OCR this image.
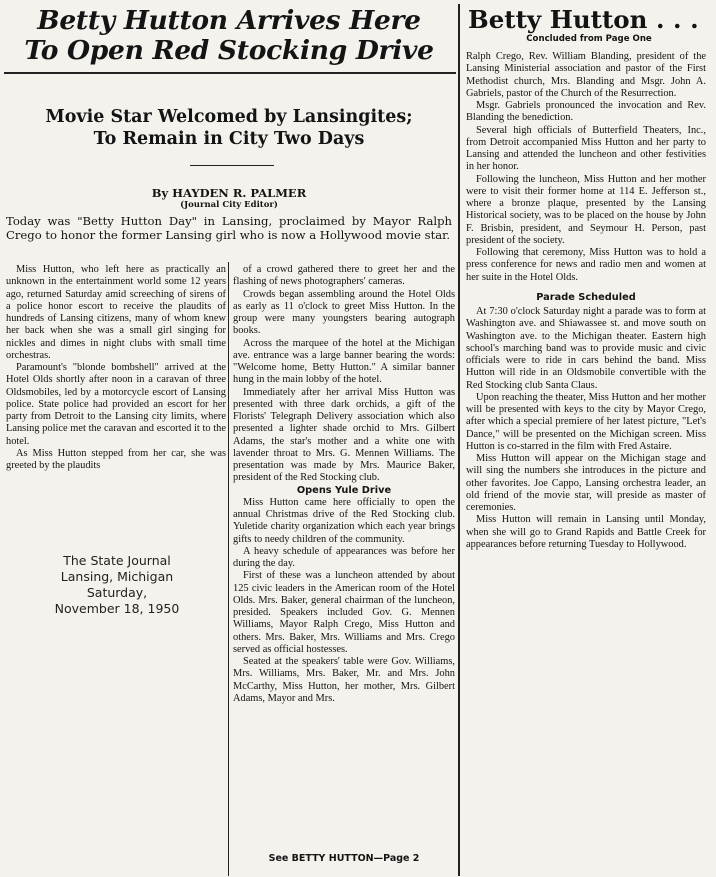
Betty Hutton Arrives Here

To Open Red Stocking Drive

Movie Star Welcomed by Lansingites;

To Remain in City Two Days

By HAYDEN R. PALMER

(Journal City Editor)

Today was "Betty Hutton Day" in Lansing, proclaimed by Mayor Ralph Crego to honor the former Lansing girl who is now a Hollywood movie star.

Miss Hutton, who left here as practically an unknown in the entertainment world some 12 years ago, returned Saturday amid screeching of sirens of a police honor escort to receive the plaudits of hundreds of Lansing citizens, many of whom knew her back when she was a small girl singing for nickles and dimes in night clubs with small time orchestras.

Paramount's "blonde bombshell" arrived at the Hotel Olds shortly after noon in a caravan of three Oldsmobiles, led by a motorcycle escort of Lansing police. State police had provided an escort for her party from Detroit to the Lansing city limits, where Lansing police met the caravan and escorted it to the hotel.

As Miss Hutton stepped from her car, she was greeted by the plaudits

The State Journal
Lansing, Michigan
Saturday,
November 18, 1950

of a crowd gathered there to greet her and the flashing of news photographers' cameras.

Crowds began assembling around the Hotel Olds as early as 11 o'clock to greet Miss Hutton. In the group were many youngsters bearing autograph books.

Across the marquee of the hotel at the Michigan ave. entrance was a large banner bearing the words: "Welcome home, Betty Hutton." A similar banner hung in the main lobby of the hotel.

Immediately after her arrival Miss Hutton was presented with three dark orchids, a gift of the Florists' Telegraph Delivery association which also presented a lighter shade orchid to Mrs. Gilbert Adams, the star's mother and a white one with lavender throat to Mrs. G. Mennen Williams. The presentation was made by Mrs. Maurice Baker, president of the Red Stocking club.

Opens Yule Drive

Miss Hutton came here officially to open the annual Christmas drive of the Red Stocking club. Yuletide charity organization which each year brings gifts to needy children of the community.

A heavy schedule of appearances was before her during the day.

First of these was a luncheon attended by about 125 civic leaders in the American room of the Hotel Olds. Mrs. Baker, general chairman of the luncheon, presided. Speakers included Gov. G. Mennen Williams, Mayor Ralph Crego, Miss Hutton and others. Mrs. Baker, Mrs. Williams and Mrs. Crego served as official hostesses.

Seated at the speakers' table were Gov. Williams, Mrs. Williams, Mrs. Baker, Mr. and Mrs. John McCarthy, Miss Hutton, her mother, Mrs. Gilbert Adams, Mayor and Mrs.

See BETTY HUTTON—Page 2

Betty Hutton . . .

Concluded from Page One

Ralph Crego, Rev. William Blanding, president of the Lansing Ministerial association and pastor of the First Methodist church, Mrs. Blanding and Msgr. John A. Gabriels, pastor of the Church of the Resurrection.

Msgr. Gabriels pronounced the invocation and Rev. Blanding the benediction.

Several high officials of Butterfield Theaters, Inc., from Detroit accompanied Miss Hutton and her party to Lansing and attended the luncheon and other festivities in her honor.

Following the luncheon, Miss Hutton and her mother were to visit their former home at 114 E. Jefferson st., where a bronze plaque, presented by the Lansing Historical society, was to be placed on the house by John F. Brisbin, president, and Seymour H. Person, past president of the society.

Following that ceremony, Miss Hutton was to hold a press conference for news and radio men and women at her suite in the Hotel Olds.

Parade Scheduled

At 7:30 o'clock Saturday night a parade was to form at Washington ave. and Shiawassee st. and move south on Washington ave. to the Michigan theater. Eastern high school's marching band was to provide music and civic officials were to ride in cars behind the band. Miss Hutton will ride in an Oldsmobile convertible with the Red Stocking club Santa Claus.

Upon reaching the theater, Miss Hutton and her mother will be presented with keys to the city by Mayor Crego, after which a special premiere of her latest picture, "Let's Dance," will be presented on the Michigan screen. Miss Hutton is co-starred in the film with Fred Astaire.

Miss Hutton will appear on the Michigan stage and will sing the numbers she introduces in the picture and other favorites. Joe Cappo, Lansing orchestra leader, an old friend of the movie star, will preside as master of ceremonies.

Miss Hutton will remain in Lansing until Monday, when she will go to Grand Rapids and Battle Creek for appearances before returning Tuesday to Hollywood.
